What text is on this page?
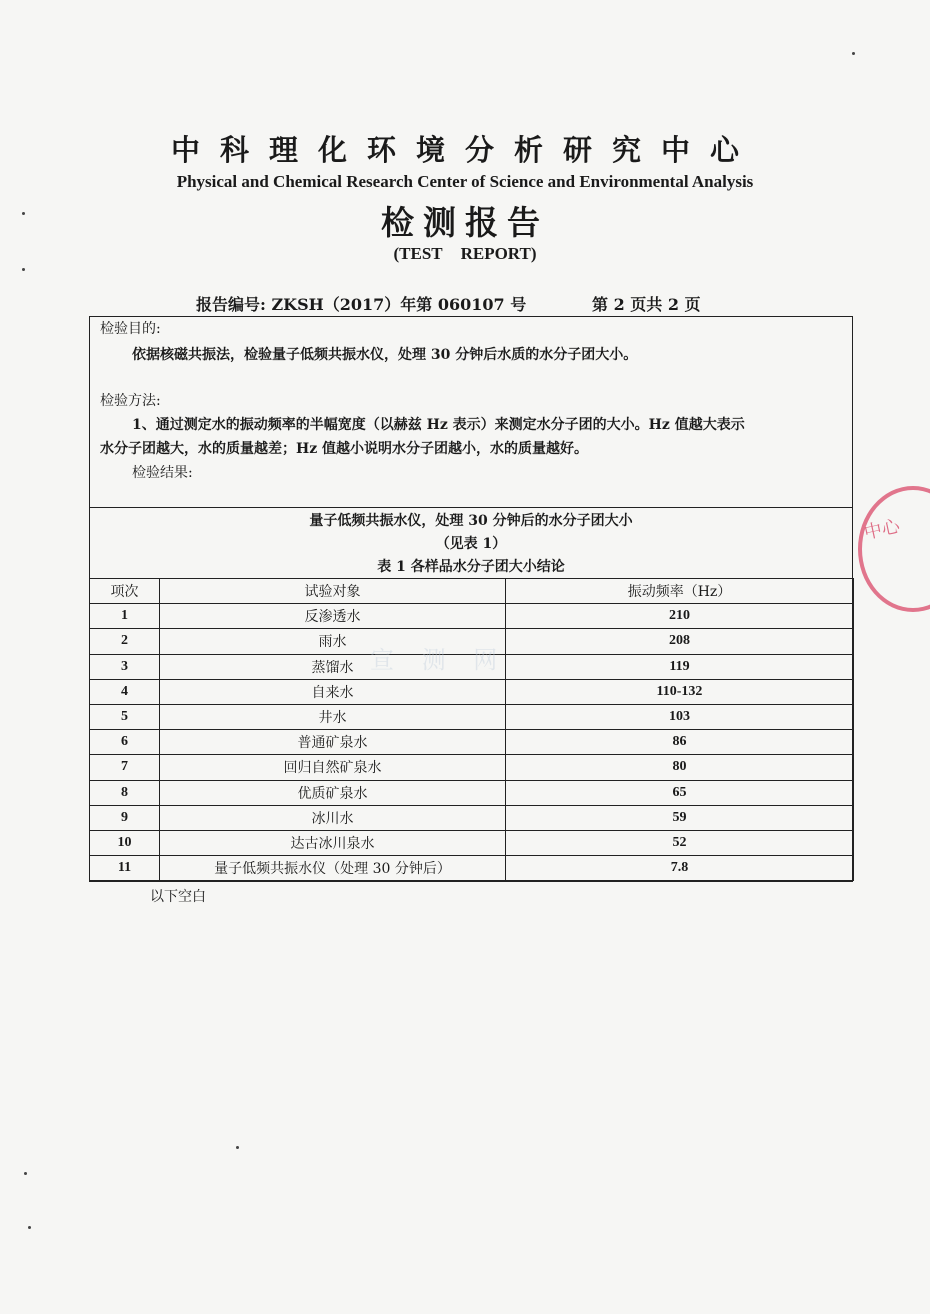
中科理化环境分析研究中心
Physical and Chemical Research Center of Science and Environmental Analysis
检测报告
(TEST REPORT)
报告编号: ZKSH（2017）年第 060107 号	第 2 页共 2 页
检验目的:
依据核磁共振法，检验量子低频共振水仪，处理 30 分钟后水质的水分子团大小。
检验方法:
1、通过测定水的振动频率的半幅宽度（以赫兹 Hz 表示）来测定水分子团的大小。Hz 值越大表示
水分子团越大，水的质量越差；Hz 值越小说明水分子团越小，水的质量越好。
检验结果:
量子低频共振水仪，处理 30 分钟后的水分子团大小
（见表 1）
表 1 各样品水分子团大小结论
项次	试验对象	振动频率（Hz）
1	反渗透水	210
2	雨水	208
3	蒸馏水	119
4	自来水	110-132
5	井水	103
6	普通矿泉水	86
7	回归自然矿泉水	80
8	优质矿泉水	65
9	冰川水	59
10	达古冰川泉水	52
11	量子低频共振水仪（处理 30 分钟后）	7.8
以下空白
中心
宣 测 网
